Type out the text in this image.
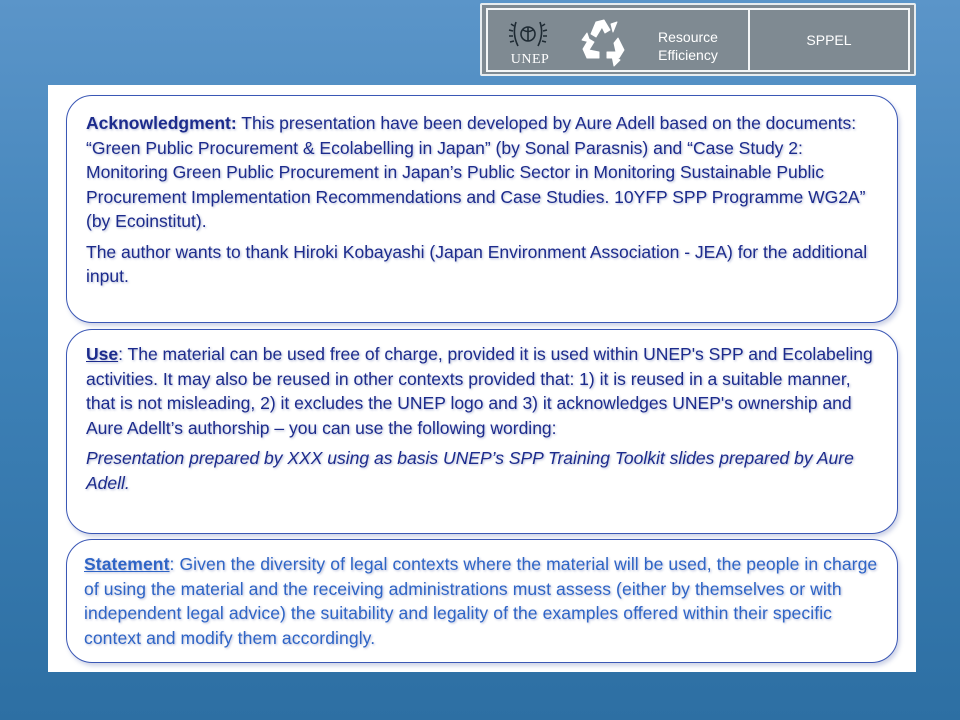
UNEP
Resource Efficiency
SPPEL

Acknowledgment: This presentation have been developed by Aure Adell based on the documents: “Green Public Procurement & Ecolabelling in Japan” (by Sonal Parasnis) and “Case Study 2: Monitoring Green Public Procurement in Japan’s Public Sector in Monitoring Sustainable Public Procurement Implementation Recommendations and Case Studies. 10YFP SPP Programme WG2A” (by Ecoinstitut).

The author wants to thank Hiroki Kobayashi (Japan Environment Association - JEA) for the additional input.

Use: The material can be used free of charge, provided it is used within UNEP's SPP and Ecolabeling activities. It may also be reused in other contexts provided that: 1) it is reused in a suitable manner, that is not misleading, 2) it excludes the UNEP logo and 3) it acknowledges UNEP's ownership and Aure Adellt’s authorship – you can use the following wording:

Presentation prepared by XXX using as basis UNEP’s SPP Training Toolkit slides prepared by Aure Adell.

Statement: Given the diversity of legal contexts where the material will be used, the people in charge of using the material and the receiving administrations must assess (either by themselves or with independent legal advice) the suitability and legality of the examples offered within their specific context and modify them accordingly.
